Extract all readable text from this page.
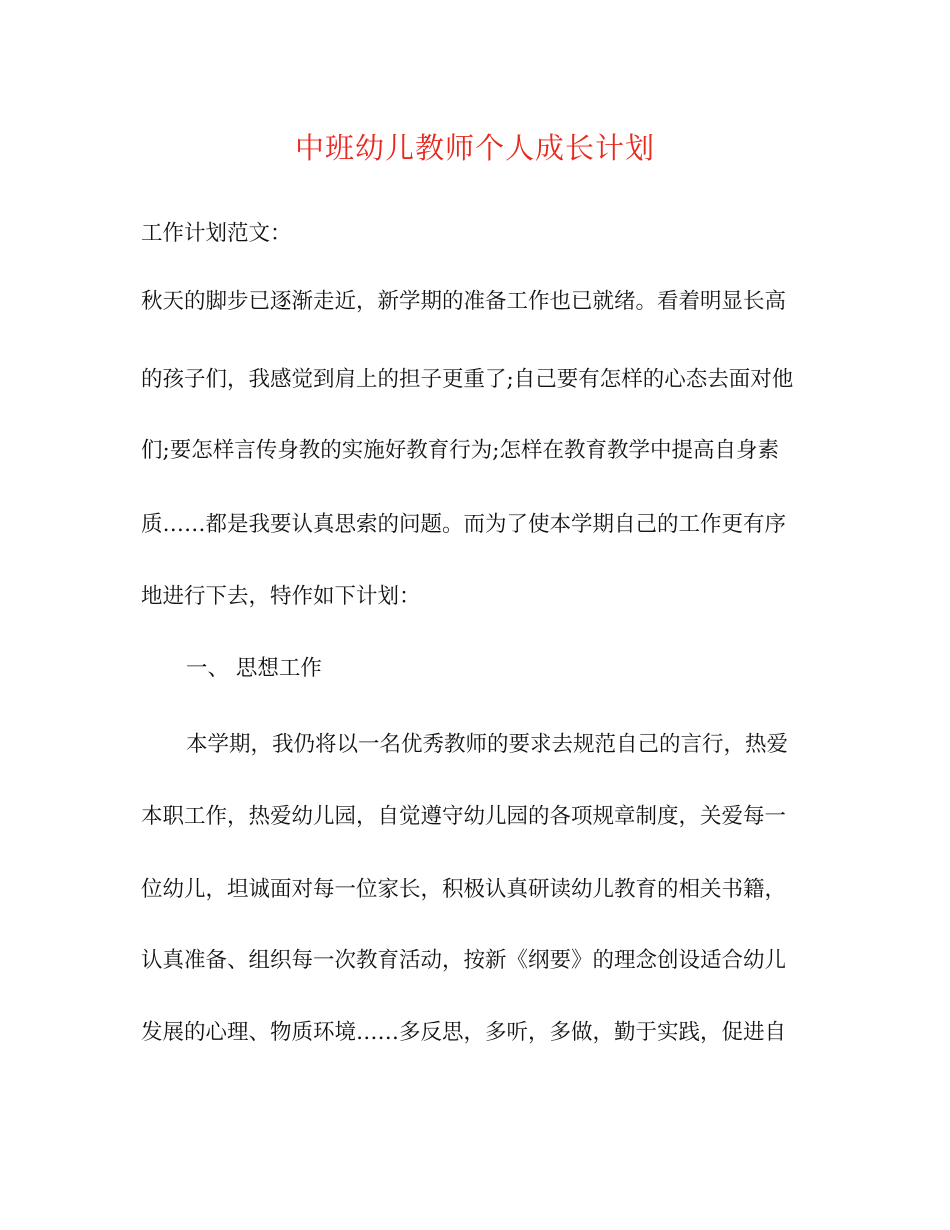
中班幼儿教师个人成长计划
工作计划范文：
秋天的脚步已逐渐走近，新学期的准备工作也已就绪。看着明显长高
的孩子们，我感觉到肩上的担子更重了;自己要有怎样的心态去面对他
们;要怎样言传身教的实施好教育行为;怎样在教育教学中提高自身素
质……都是我要认真思索的问题。而为了使本学期自己的工作更有序
地进行下去，特作如下计划：
一、 思想工作
本学期，我仍将以一名优秀教师的要求去规范自己的言行，热爱
本职工作，热爱幼儿园，自觉遵守幼儿园的各项规章制度，关爱每一
位幼儿，坦诚面对每一位家长，积极认真研读幼儿教育的相关书籍，
认真准备、组织每一次教育活动，按新《纲要》的理念创设适合幼儿
发展的心理、物质环境……多反思，多听，多做，勤于实践，促进自
